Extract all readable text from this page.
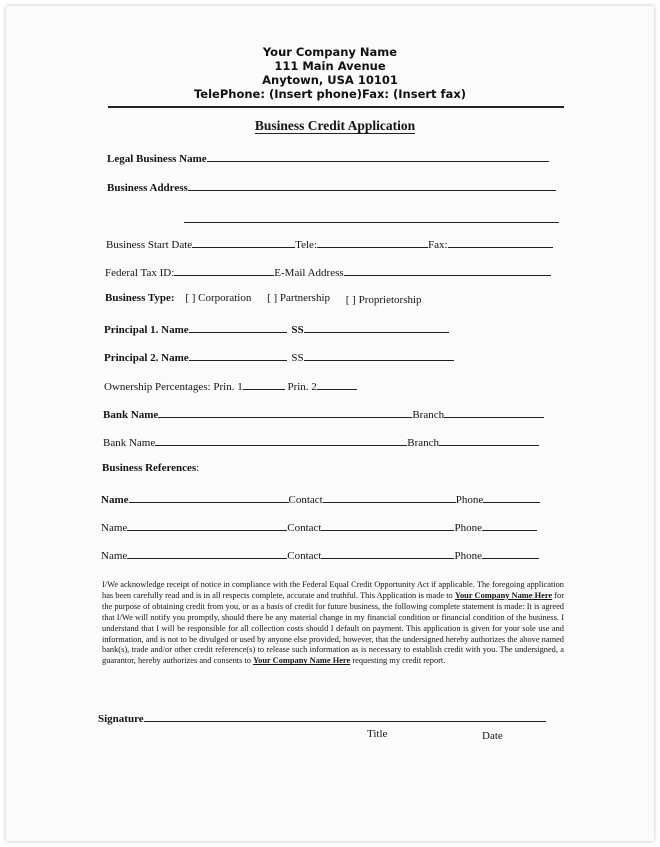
Your Company Name
111 Main Avenue
Anytown, USA 10101
TelePhone: (Insert phone)Fax: (Insert fax)
Business Credit Application
Legal Business Name
Business Address
Business Start Date	Tele:	Fax:
Federal Tax ID:	E-Mail Address
Business Type: [ ] Corporation [ ] Partnership [ ] Proprietorship
Principal 1. Name	SS
Principal 2. Name	SS
Ownership Percentages: Prin. 1	Prin. 2
Bank Name	Branch
Bank Name	Branch
Business References:
Name	Contact	Phone
Name	Contact	Phone
Name	Contact	Phone
I/We acknowledge receipt of notice in compliance with the Federal Equal Credit Opportunity Act if applicable. The foregoing application has been carefully read and is in all respects complete, accurate and truthful. This Application is made to Your Company Name Here for the purpose of obtaining credit from you, or as a basis of credit for future business, the following complete statement is made: It is agreed that I/We will notify you promptly, should there be any material change in my financial condition or financial condition of the business. I understand that I will be responsible for all collection costs should I default on payment. This application is given for your sole use and information, and is not to be divulged or used by anyone else provided, however, that the undersigned hereby authorizes the above named bank(s), trade and/or other credit reference(s) to release such information as is necessary to establish credit with you. The undersigned, a guarantor, hereby authorizes and consents to Your Company Name Here requesting my credit report.
Signature
Title	Date
